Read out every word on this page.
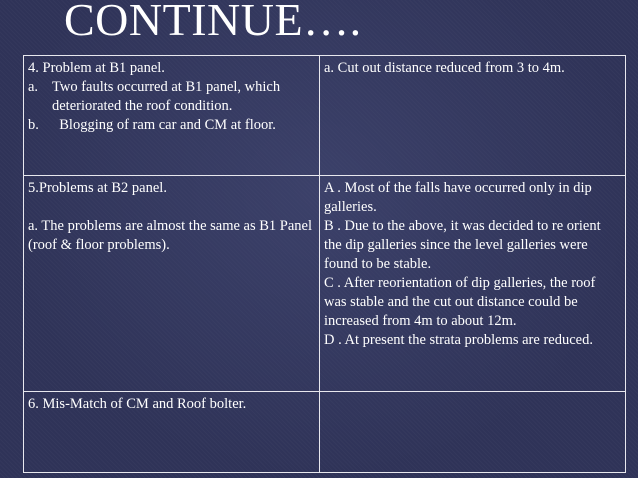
CONTINUE….
4. Problem at B1 panel.
a. Two faults occurred at B1 panel, which deteriorated the roof condition.
b. Blogging of ram car and CM at floor.	a. Cut out distance reduced from 3 to 4m.

5.Problems at B2 panel.
a. The problems are almost the same as B1 Panel (roof & floor problems).	A . Most of the falls have occurred only in dip galleries.
B . Due to the above, it was decided to re orient the dip galleries since the level galleries were found to be stable.
C . After reorientation of dip galleries, the roof was stable and the cut out distance could be increased from 4m to about 12m.
D . At present the strata problems are reduced.

6. Mis-Match of CM and Roof bolter.	
